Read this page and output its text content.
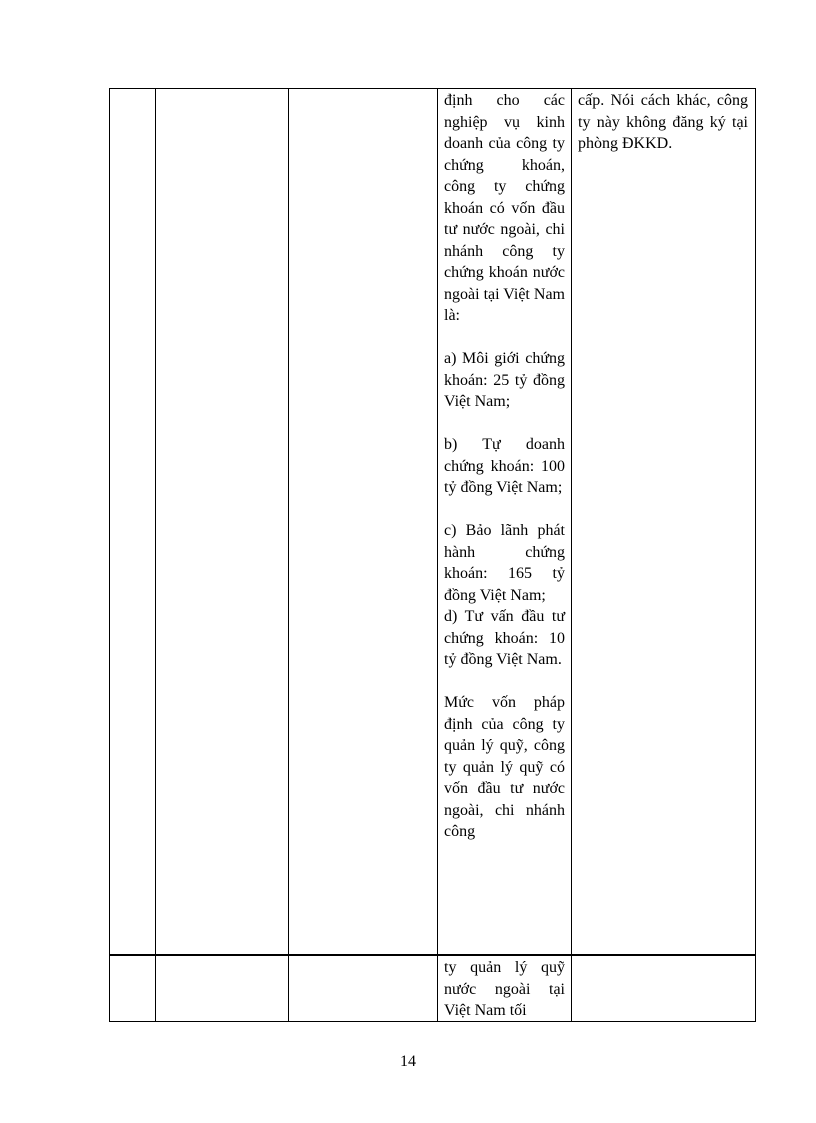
định cho các nghiệp vụ kinh doanh của công ty chứng khoán, công ty chứng khoán có vốn đầu tư nước ngoài, chi nhánh công ty chứng khoán nước ngoài tại Việt Nam là:

a) Môi giới chứng khoán: 25 tỷ đồng Việt Nam;

b) Tự doanh chứng khoán: 100 tỷ đồng Việt Nam;

c) Bảo lãnh phát hành chứng khoán: 165 tỷ đồng Việt Nam;

d) Tư vấn đầu tư chứng khoán: 10 tỷ đồng Việt Nam.

Mức vốn pháp định của công ty quản lý quỹ, công ty quản lý quỹ có vốn đầu tư nước ngoài, chi nhánh công

cấp. Nói cách khác, công ty này không đăng ký tại phòng ĐKKD.

ty quản lý quỹ nước ngoài tại Việt Nam tối

14
